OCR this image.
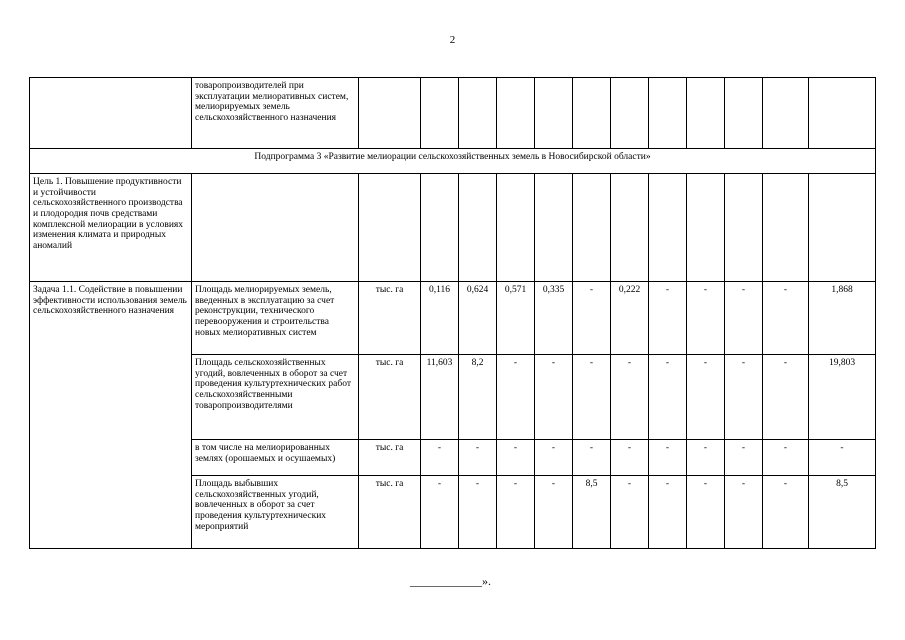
2
	товаропроизводителей при эксплуатации мелиоративных систем, мелиорируемых земель сельскохозяйственного назначения												
Подпрограмма 3 «Развитие мелиорации сельскохозяйственных земель в Новосибирской области»													
Цель 1. Повышение продуктивности и устойчивости сельскохозяйственного производства и плодородия почв средствами комплексной мелиорации в условиях изменения климата и природных аномалий													
Задача 1.1. Содействие в повышении эффективности использования земель сельскохозяйственного назначения	Площадь мелиорируемых земель, введенных в эксплуатацию за счет реконструкции, технического перевооружения и строительства новых мелиоративных систем	тыс. га	0,116	0,624	0,571	0,335	-	0,222	-	-	-	-	1,868
	Площадь сельскохозяйственных угодий, вовлеченных в оборот за счет проведения культуртехнических работ сельскохозяйственными товаропроизводителями	тыс. га	11,603	8,2	-	-	-	-	-	-	-	-	19,803
	в том числе на мелиорированных землях (орошаемых и осушаемых)	тыс. га	-	-	-	-	-	-	-	-	-	-	-
	Площадь выбывших сельскохозяйственных угодий, вовлеченных в оборот за счет проведения культуртехнических мероприятий	тыс. га	-	-	-	-	8,5	-	-	-	-	-	8,5
____________».
